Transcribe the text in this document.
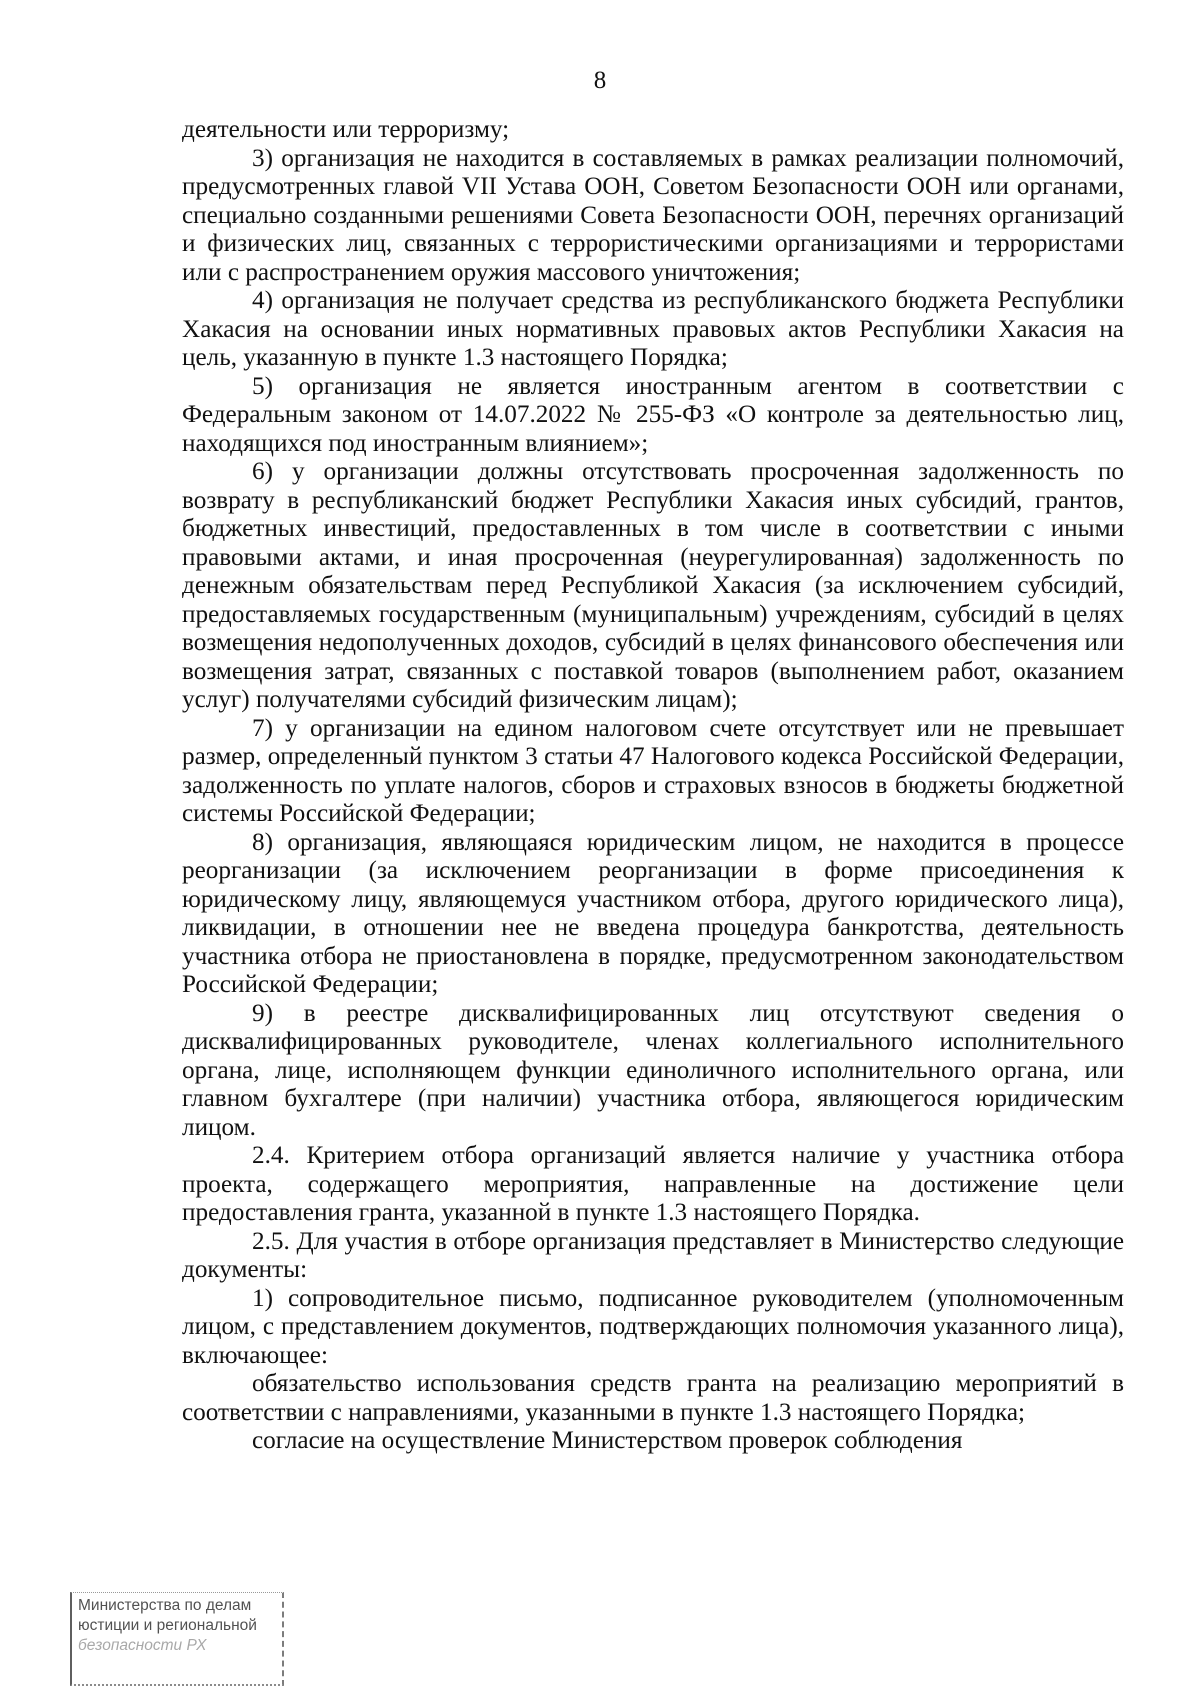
8

деятельности или терроризму;

3) организация не находится в составляемых в рамках реализации полномочий, предусмотренных главой VII Устава ООН, Советом Безопасности ООН или органами, специально созданными решениями Совета Безопасности ООН, перечнях организаций и физических лиц, связанных с террористическими организациями и террористами или с распространением оружия массового уничтожения;

4) организация не получает средства из республиканского бюджета Республики Хакасия на основании иных нормативных правовых актов Республики Хакасия на цель, указанную в пункте 1.3 настоящего Порядка;

5) организация не является иностранным агентом в соответствии с Федеральным законом от 14.07.2022 № 255-ФЗ «О контроле за деятельностью лиц, находящихся под иностранным влиянием»;

6) у организации должны отсутствовать просроченная задолженность по возврату в республиканский бюджет Республики Хакасия иных субсидий, грантов, бюджетных инвестиций, предоставленных в том числе в соответствии с иными правовыми актами, и иная просроченная (неурегулированная) задолженность по денежным обязательствам перед Республикой Хакасия (за исключением субсидий, предоставляемых государственным (муниципальным) учреждениям, субсидий в целях возмещения недополученных доходов, субсидий в целях финансового обеспечения или возмещения затрат, связанных с поставкой товаров (выполнением работ, оказанием услуг) получателями субсидий физическим лицам);

7) у организации на едином налоговом счете отсутствует или не превышает размер, определенный пунктом 3 статьи 47 Налогового кодекса Российской Федерации, задолженность по уплате налогов, сборов и страховых взносов в бюджеты бюджетной системы Российской Федерации;

8) организация, являющаяся юридическим лицом, не находится в процессе реорганизации (за исключением реорганизации в форме присоединения к юридическому лицу, являющемуся участником отбора, другого юридического лица), ликвидации, в отношении нее не введена процедура банкротства, деятельность участника отбора не приостановлена в порядке, предусмотренном законодательством Российской Федерации;

9) в реестре дисквалифицированных лиц отсутствуют сведения о дисквалифицированных руководителе, членах коллегиального исполнительного органа, лице, исполняющем функции единоличного исполнительного органа, или главном бухгалтере (при наличии) участника отбора, являющегося юридическим лицом.

2.4. Критерием отбора организаций является наличие у участника отбора проекта, содержащего мероприятия, направленные на достижение цели предоставления гранта, указанной в пункте 1.3 настоящего Порядка.

2.5. Для участия в отборе организация представляет в Министерство следующие документы:

1) сопроводительное письмо, подписанное руководителем (уполномоченным лицом, с представлением документов, подтверждающих полномочия указанного лица), включающее:

обязательство использования средств гранта на реализацию мероприятий в соответствии с направлениями, указанными в пункте 1.3 настоящего Порядка;

согласие на осуществление Министерством проверок соблюдения

Министерства по делам
юстиции и региональной
безопасности РХ
